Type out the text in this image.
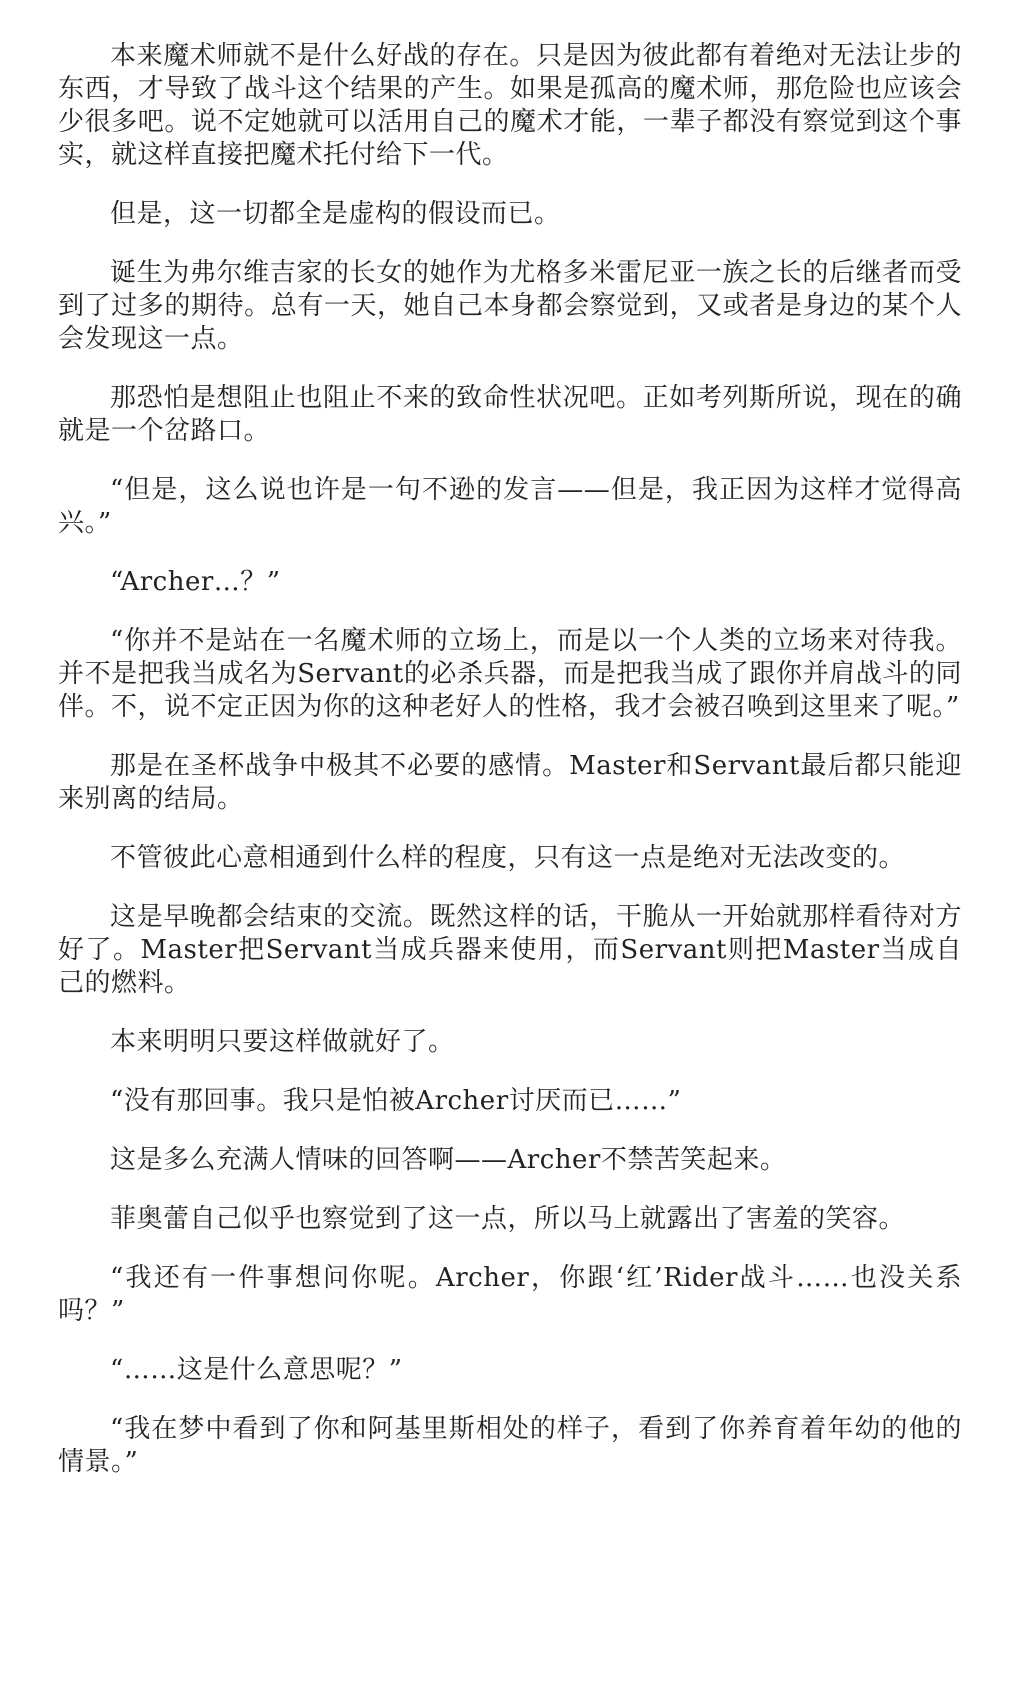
本来魔术师就不是什么好战的存在。只是因为彼此都有着绝对无法让步的东西，才导致了战斗这个结果的产生。如果是孤高的魔术师，那危险也应该会少很多吧。说不定她就可以活用自己的魔术才能，一辈子都没有察觉到这个事实，就这样直接把魔术托付给下一代。

但是，这一切都全是虚构的假设而已。

诞生为弗尔维吉家的长女的她作为尤格多米雷尼亚一族之长的后继者而受到了过多的期待。总有一天，她自己本身都会察觉到，又或者是身边的某个人会发现这一点。

那恐怕是想阻止也阻止不来的致命性状况吧。正如考列斯所说，现在的确就是一个岔路口。

“但是，这么说也许是一句不逊的发言——但是，我正因为这样才觉得高兴。”

“Archer…？”

“你并不是站在一名魔术师的立场上，而是以一个人类的立场来对待我。并不是把我当成名为Servant的必杀兵器，而是把我当成了跟你并肩战斗的同伴。不，说不定正因为你的这种老好人的性格，我才会被召唤到这里来了呢。”

那是在圣杯战争中极其不必要的感情。Master和Servant最后都只能迎来别离的结局。

不管彼此心意相通到什么样的程度，只有这一点是绝对无法改变的。

这是早晚都会结束的交流。既然这样的话，干脆从一开始就那样看待对方好了。Master把Servant当成兵器来使用，而Servant则把Master当成自己的燃料。

本来明明只要这样做就好了。

“没有那回事。我只是怕被Archer讨厌而已……”

这是多么充满人情味的回答啊——Archer不禁苦笑起来。

菲奥蕾自己似乎也察觉到了这一点，所以马上就露出了害羞的笑容。

“我还有一件事想问你呢。Archer，你跟‘红’Rider战斗……也没关系吗？”

“……这是什么意思呢？”

“我在梦中看到了你和阿基里斯相处的样子，看到了你养育着年幼的他的情景。”
